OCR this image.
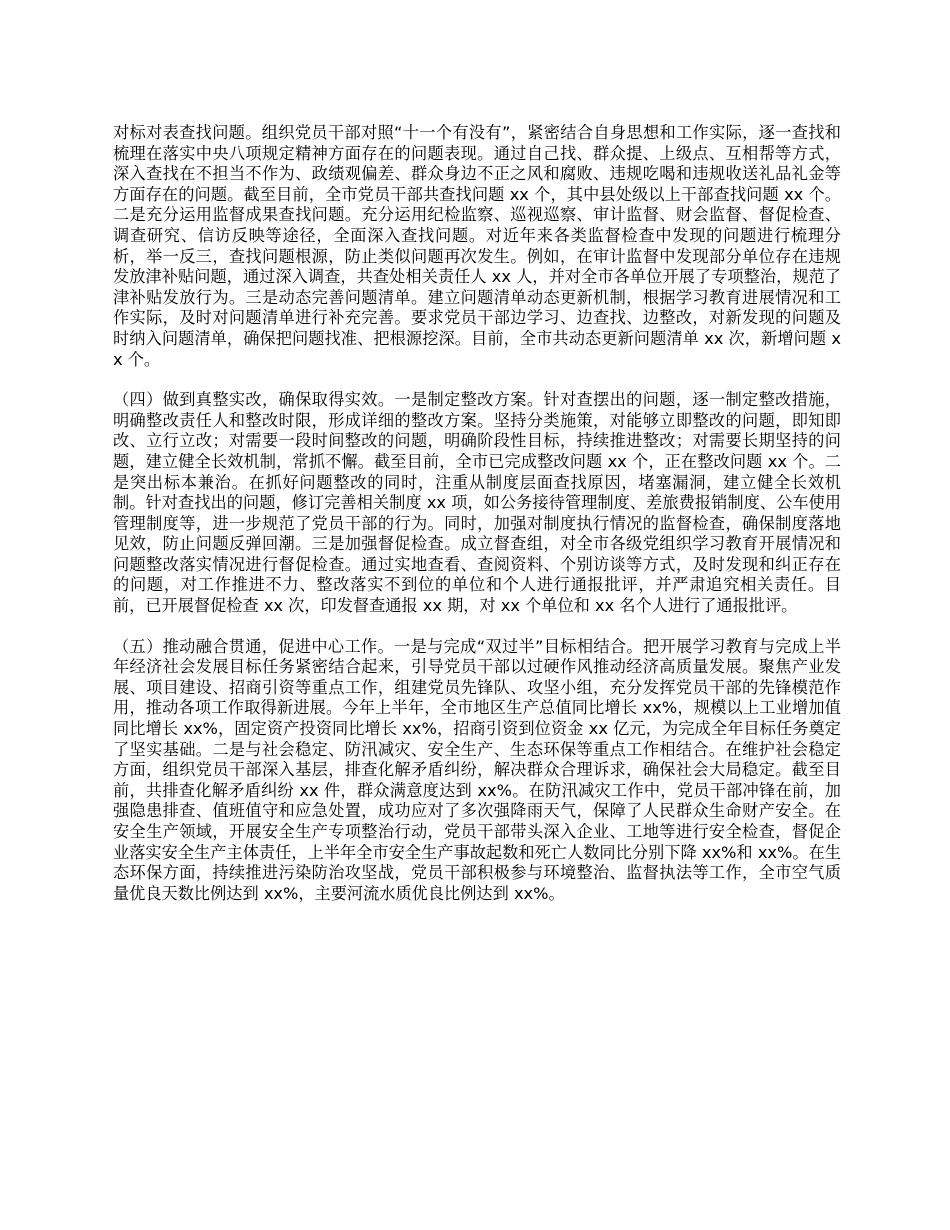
对标对表查找问题。组织党员干部对照“十一个有没有”，紧密结合自身思想和工作实际，逐一查找和梳理在落实中央八项规定精神方面存在的问题表现。通过自己找、群众提、上级点、互相帮等方式，深入查找在不担当不作为、政绩观偏差、群众身边不正之风和腐败、违规吃喝和违规收送礼品礼金等方面存在的问题。截至目前，全市党员干部共查找问题 xx 个，其中县处级以上干部查找问题 xx 个。二是充分运用监督成果查找问题。充分运用纪检监察、巡视巡察、审计监督、财会监督、督促检查、调查研究、信访反映等途径，全面深入查找问题。对近年来各类监督检查中发现的问题进行梳理分析，举一反三，查找问题根源，防止类似问题再次发生。例如，在审计监督中发现部分单位存在违规发放津补贴问题，通过深入调查，共查处相关责任人 xx 人，并对全市各单位开展了专项整治，规范了津补贴发放行为。三是动态完善问题清单。建立问题清单动态更新机制，根据学习教育进展情况和工作实际，及时对问题清单进行补充完善。要求党员干部边学习、边查找、边整改，对新发现的问题及时纳入问题清单，确保把问题找准、把根源挖深。目前，全市共动态更新问题清单 xx 次，新增问题 xx 个。

（四）做到真整实改，确保取得实效。一是制定整改方案。针对查摆出的问题，逐一制定整改措施，明确整改责任人和整改时限，形成详细的整改方案。坚持分类施策，对能够立即整改的问题，即知即改、立行立改；对需要一段时间整改的问题，明确阶段性目标，持续推进整改；对需要长期坚持的问题，建立健全长效机制，常抓不懈。截至目前，全市已完成整改问题 xx 个，正在整改问题 xx 个。二是突出标本兼治。在抓好问题整改的同时，注重从制度层面查找原因，堵塞漏洞，建立健全长效机制。针对查找出的问题，修订完善相关制度 xx 项，如公务接待管理制度、差旅费报销制度、公车使用管理制度等，进一步规范了党员干部的行为。同时，加强对制度执行情况的监督检查，确保制度落地见效，防止问题反弹回潮。三是加强督促检查。成立督查组，对全市各级党组织学习教育开展情况和问题整改落实情况进行督促检查。通过实地查看、查阅资料、个别访谈等方式，及时发现和纠正存在的问题，对工作推进不力、整改落实不到位的单位和个人进行通报批评，并严肃追究相关责任。目前，已开展督促检查 xx 次，印发督查通报 xx 期，对 xx 个单位和 xx 名个人进行了通报批评。

（五）推动融合贯通，促进中心工作。一是与完成“双过半”目标相结合。把开展学习教育与完成上半年经济社会发展目标任务紧密结合起来，引导党员干部以过硬作风推动经济高质量发展。聚焦产业发展、项目建设、招商引资等重点工作，组建党员先锋队、攻坚小组，充分发挥党员干部的先锋模范作用，推动各项工作取得新进展。今年上半年，全市地区生产总值同比增长 xx%，规模以上工业增加值同比增长 xx%，固定资产投资同比增长 xx%，招商引资到位资金 xx 亿元，为完成全年目标任务奠定了坚实基础。二是与社会稳定、防汛减灾、安全生产、生态环保等重点工作相结合。在维护社会稳定方面，组织党员干部深入基层，排查化解矛盾纠纷，解决群众合理诉求，确保社会大局稳定。截至目前，共排查化解矛盾纠纷 xx 件，群众满意度达到 xx%。在防汛减灾工作中，党员干部冲锋在前，加强隐患排查、值班值守和应急处置，成功应对了多次强降雨天气，保障了人民群众生命财产安全。在安全生产领域，开展安全生产专项整治行动，党员干部带头深入企业、工地等进行安全检查，督促企业落实安全生产主体责任，上半年全市安全生产事故起数和死亡人数同比分别下降 xx%和 xx%。在生态环保方面，持续推进污染防治攻坚战，党员干部积极参与环境整治、监督执法等工作，全市空气质量优良天数比例达到 xx%，主要河流水质优良比例达到 xx%。
